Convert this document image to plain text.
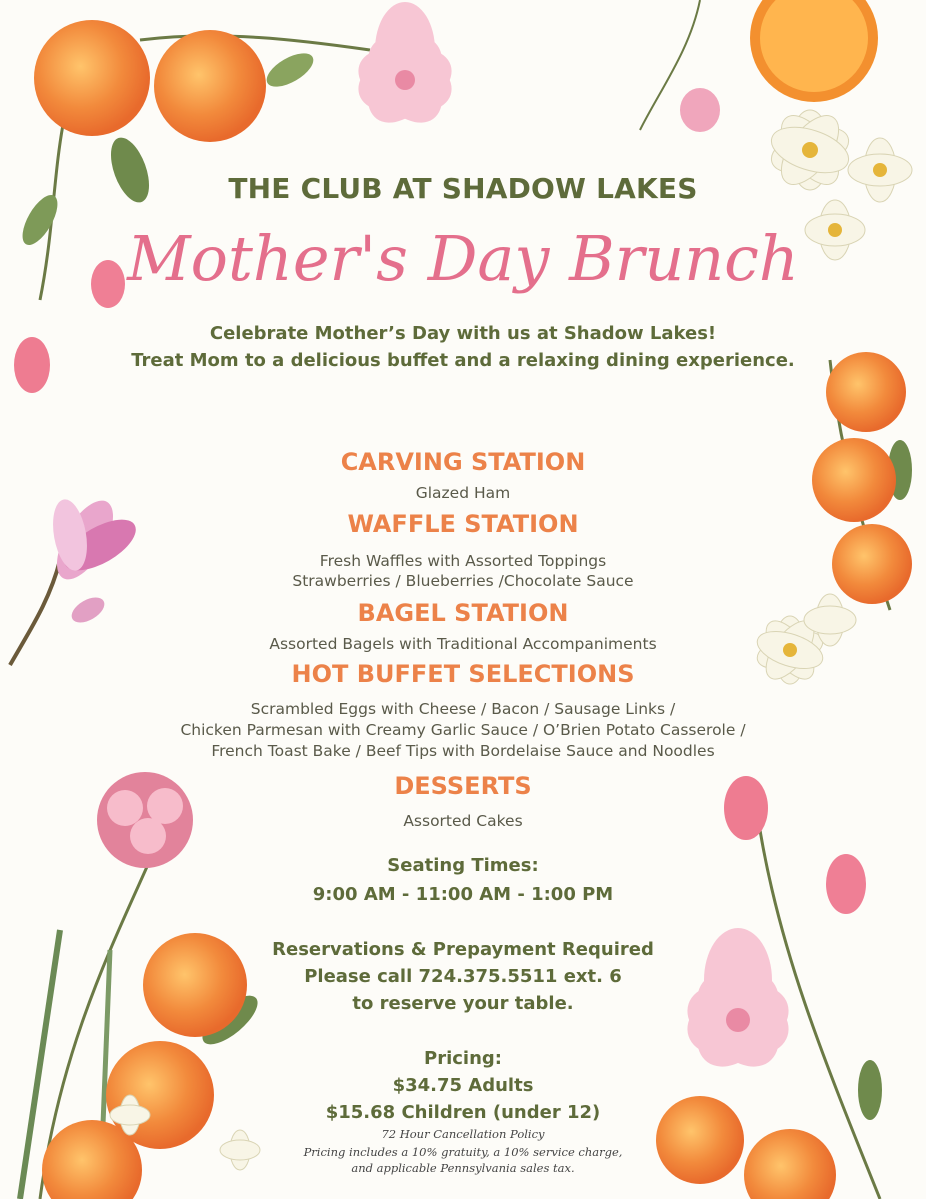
THE CLUB AT SHADOW LAKES
Mother's Day Brunch
Celebrate Mother’s Day with us at Shadow Lakes!
Treat Mom to a delicious buffet and a relaxing dining experience.
CARVING STATION
Glazed Ham
WAFFLE STATION
Fresh Waffles with Assorted Toppings
Strawberries / Blueberries /Chocolate Sauce
BAGEL STATION
Assorted Bagels with Traditional Accompaniments
HOT BUFFET SELECTIONS
Scrambled Eggs with Cheese / Bacon / Sausage Links /
Chicken Parmesan with Creamy Garlic Sauce / O’Brien Potato Casserole /
French Toast Bake / Beef Tips with Bordelaise Sauce and Noodles
DESSERTS
Assorted Cakes
Seating Times:
9:00 AM - 11:00 AM - 1:00 PM
Reservations & Prepayment Required
Please call 724.375.5511 ext. 6
to reserve your table.
Pricing:
$34.75 Adults
$15.68 Children (under 12)
72 Hour Cancellation Policy
Pricing includes a 10% gratuity, a 10% service charge,
and applicable Pennsylvania sales tax.
